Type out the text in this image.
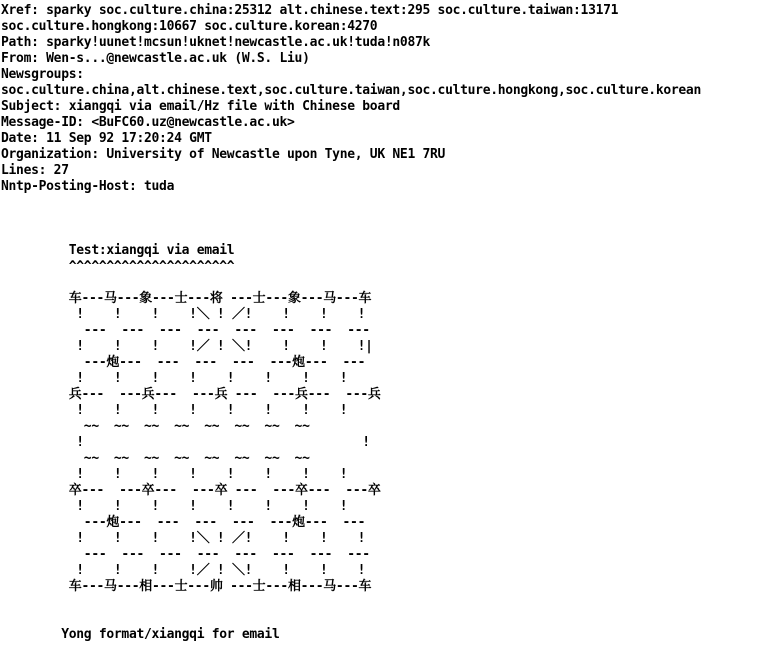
Xref: sparky soc.culture.china:25312 alt.chinese.text:295 soc.culture.taiwan:13171
soc.culture.hongkong:10667 soc.culture.korean:4270
Path: sparky!uunet!mcsun!uknet!newcastle.ac.uk!tuda!n087k
From: Wen-s...@newcastle.ac.uk (W.S. Liu)
Newsgroups:
soc.culture.china,alt.chinese.text,soc.culture.taiwan,soc.culture.hongkong,soc.culture.korean
Subject: xiangqi via email/Hz file with Chinese board
Message-ID: <BuFC60.uz@newcastle.ac.uk>
Date: 11 Sep 92 17:20:24 GMT
Organization: University of Newcastle upon Tyne, UK NE1 7RU
Lines: 27
Nntp-Posting-Host: tuda
Test:xiangqi via email
^^^^^^^^^^^^^^^^^^^^^^
车---马---象---士---将 ---士---象---马---车
!    !    !    !＼ ! ／!    !    !    !
---  ---  ---  ---  ---  ---  ---  ---
!    !    !    !／ ! ＼!    !    !    !|
---炮---  ---  ---  ---  ---炮---  ---
!    !    !    !    !    !    !    !
兵---  ---兵---  ---兵 ---  ---兵---  ---兵
!    !    !    !    !    !    !    !
~~  ~~  ~~  ~~  ~~  ~~  ~~  ~~
!                                     !
~~  ~~  ~~  ~~  ~~  ~~  ~~  ~~
!    !    !    !    !    !    !    !
卒---  ---卒---  ---卒 ---  ---卒---  ---卒
!    !    !    !    !    !    !    !
---炮---  ---  ---  ---  ---炮---  ---
!    !    !    !＼ ! ／!    !    !    !
---  ---  ---  ---  ---  ---  ---  ---
!    !    !    !／ ! ＼!    !    !    !
车---马---相---士---帅 ---士---相---马---车
Yong format/xiangqi for email
